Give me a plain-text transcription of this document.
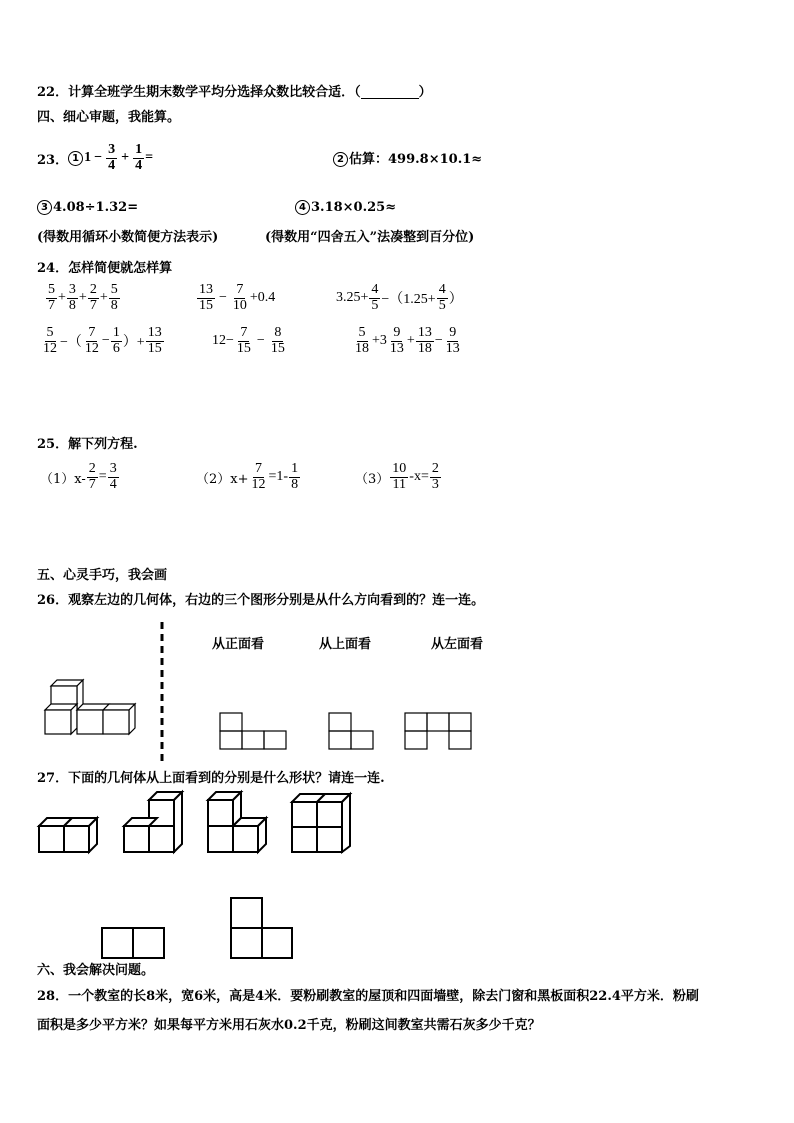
22．计算全班学生期末数学平均分选择众数比较合适．（	）
四、细心审题，我能算。
23． 1 $1 - \frac{3}{4} + \frac{1}{4}$ =	2 估算：499.8×10.1≈
3 4.08÷1.32=	4 3.18×0.25≈
(得数用循环小数简便方法表示)	(得数用“四舍五入”法凑整到百分位)
24．怎样简便就怎样算
$\frac{5}{7} + \frac{3}{8} + \frac{2}{7} + \frac{5}{8}$	$\frac{13}{15} - \frac{7}{10} +0.4$	$3.25+ \frac{4}{5} -(1.25+ \frac{4}{5}$ ）
$\frac{5}{12}$ −（ $\frac{7}{12} - \frac{1}{6}$ ）+ $\frac{13}{15}$	$12- \frac{7}{15} - \frac{8}{15}$	$\frac{5}{18} +3 \frac{9}{13} + \frac{13}{18} - \frac{9}{13}$
25．解下列方程.
$(1)x- \frac{2}{7} = \frac{3}{4}$	$(2)x+ \frac{7}{12} =1- \frac{1}{8}$	$(3) \frac{10}{11} -x= \frac{2}{3}$
五、心灵手巧，我会画
26．观察左边的几何体，右边的三个图形分别是从什么方向看到的？连一连。
从正面看	从上面看	从左面看
27．下面的几何体从上面看到的分别是什么形状？请连一连.
六、我会解决问题。
28．一个教室的长8米，宽6米，高是4米．要粉刷教室的屋顶和四面墙壁，除去门窗和黑板面积22.4平方米．粉刷
面积是多少平方米？如果每平方米用石灰水0.2千克，粉刷这间教室共需石灰多少千克？
